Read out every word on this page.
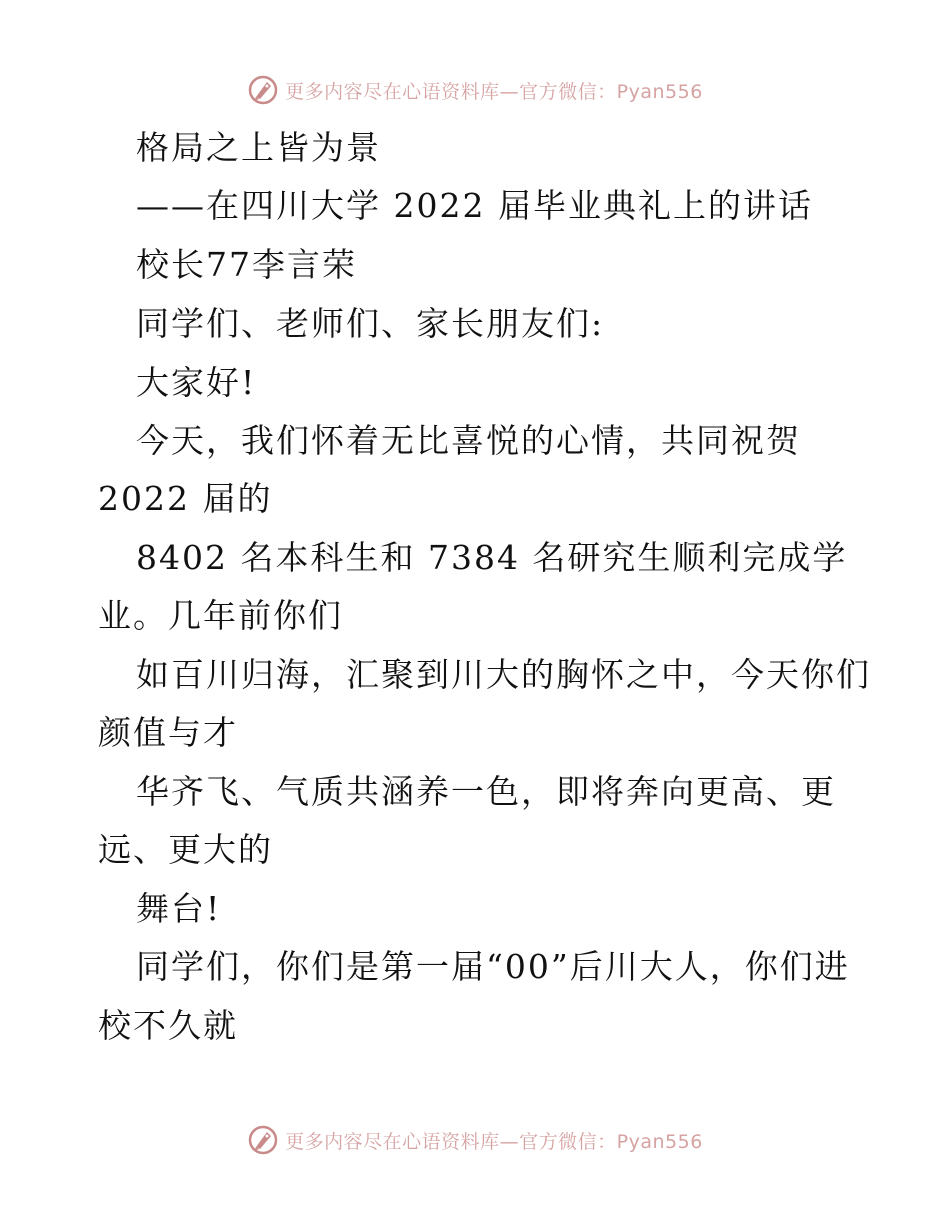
更多内容尽在心语资料库—官方微信：Pyan556
格局之上皆为景
——在四川大学 2022 届毕业典礼上的讲话
校长77李言荣
同学们、老师们、家长朋友们:
大家好!
今天，我们怀着无比喜悦的心情，共同祝贺
2022 届的
8402 名本科生和 7384 名研究生顺利完成学
业。几年前你们
如百川归海，汇聚到川大的胸怀之中，今天你们
颜值与才
华齐飞、气质共涵养一色，即将奔向更高、更
远、更大的
舞台!
同学们，你们是第一届“00”后川大人，你们进
校不久就
更多内容尽在心语资料库—官方微信：Pyan556
